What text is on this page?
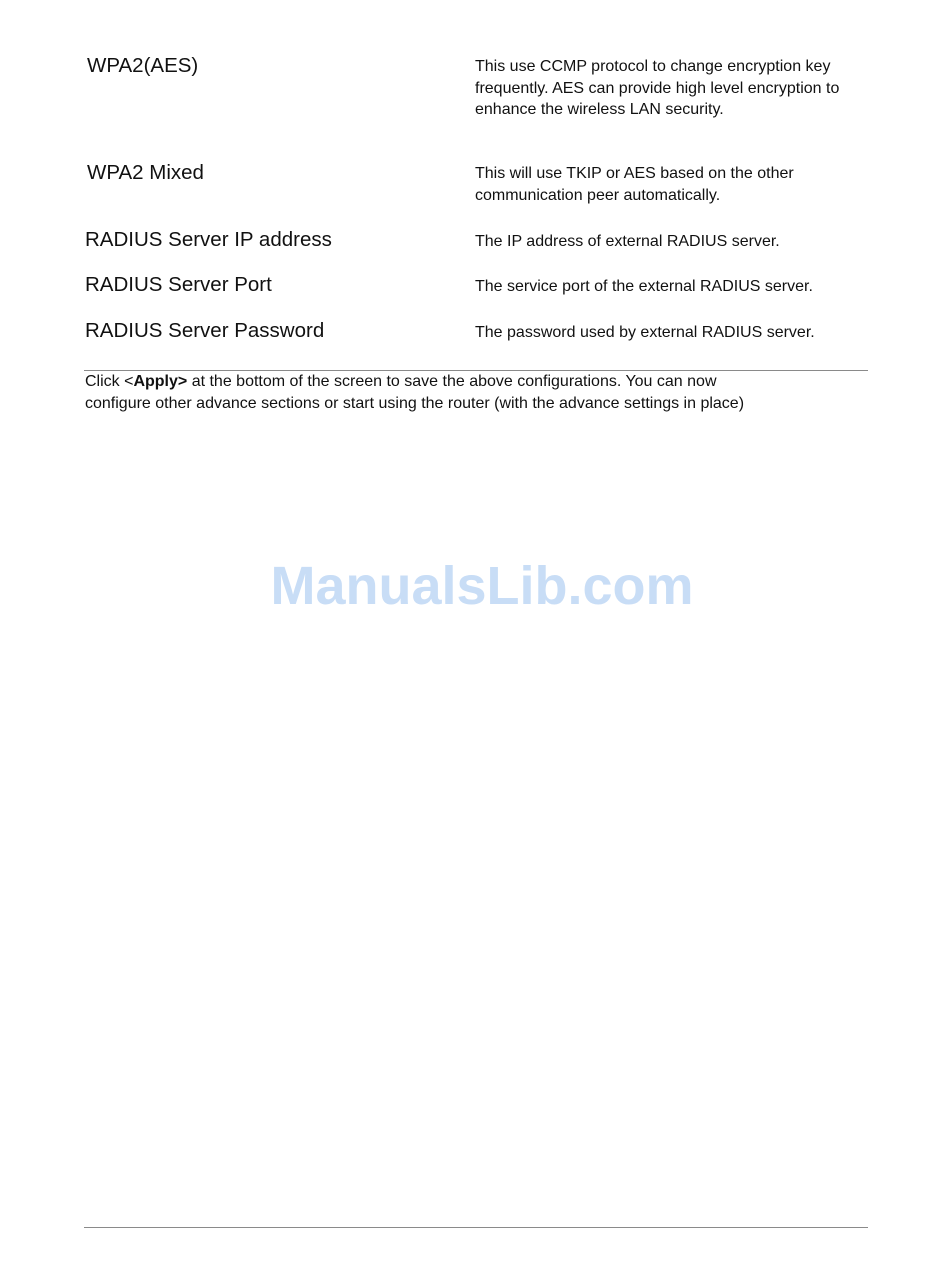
WPA2(AES)	This use CCMP protocol to change encryption key frequently. AES can provide high level encryption to enhance the wireless LAN security.
WPA2 Mixed	This will use TKIP or AES based on the other communication peer automatically.
RADIUS Server IP address	The IP address of external RADIUS server.
RADIUS Server Port	The service port of the external RADIUS server.
RADIUS Server Password	The password used by external RADIUS server.
Click <Apply> at the bottom of the screen to save the above configurations. You can now
configure other advance sections or start using the router (with the advance settings in place)
ManualsLib.com
